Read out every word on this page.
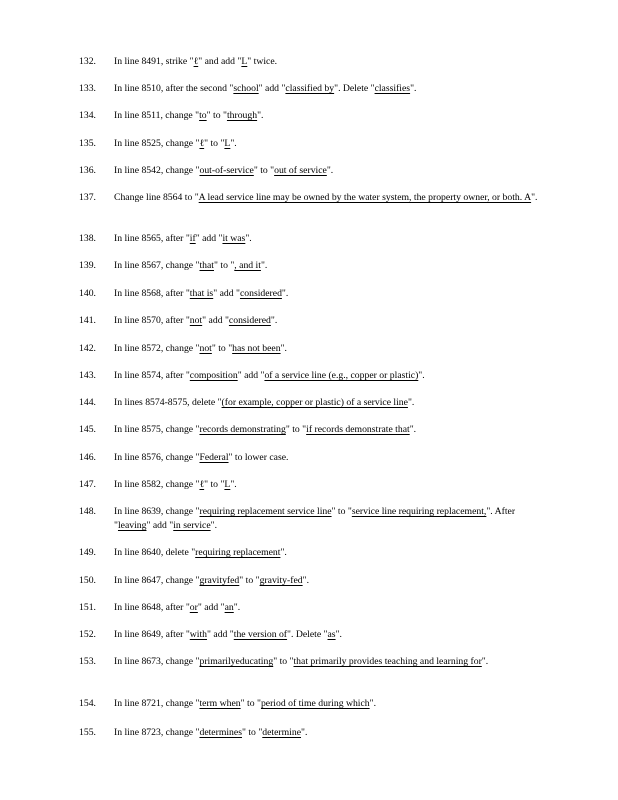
132.	In line 8491, strike "ℓ" and add "L" twice.
133.	In line 8510, after the second "school" add "classified by". Delete "classifies".
134.	In line 8511, change "to" to "through".
135.	In line 8525, change "ℓ" to "L".
136.	In line 8542, change "out-of-service" to "out of service".
137.	Change line 8564 to "A lead service line may be owned by the water system, the property owner, or both. A".
138.	In line 8565, after "if" add "it was".
139.	In line 8567, change "that" to ", and it".
140.	In line 8568, after "that is" add "considered".
141.	In line 8570, after "not" add "considered".
142.	In line 8572, change "not" to "has not been".
143.	In line 8574, after "composition" add "of a service line (e.g., copper or plastic)".
144.	In lines 8574-8575, delete "(for example, copper or plastic) of a service line".
145.	In line 8575, change "records demonstrating" to "if records demonstrate that".
146.	In line 8576, change "Federal" to lower case.
147.	In line 8582, change "ℓ" to "L".
148.	In line 8639, change "requiring replacement service line" to "service line requiring replacement,". After "leaving" add "in service".
149.	In line 8640, delete "requiring replacement".
150.	In line 8647, change "gravityfed" to "gravity-fed".
151.	In line 8648, after "or" add "an".
152.	In line 8649, after "with" add "the version of". Delete "as".
153.	In line 8673, change "primarilyeducating" to "that primarily provides teaching and learning for".
154.	In line 8721, change "term when" to "period of time during which".
155.	In line 8723, change "determines" to "determine".
